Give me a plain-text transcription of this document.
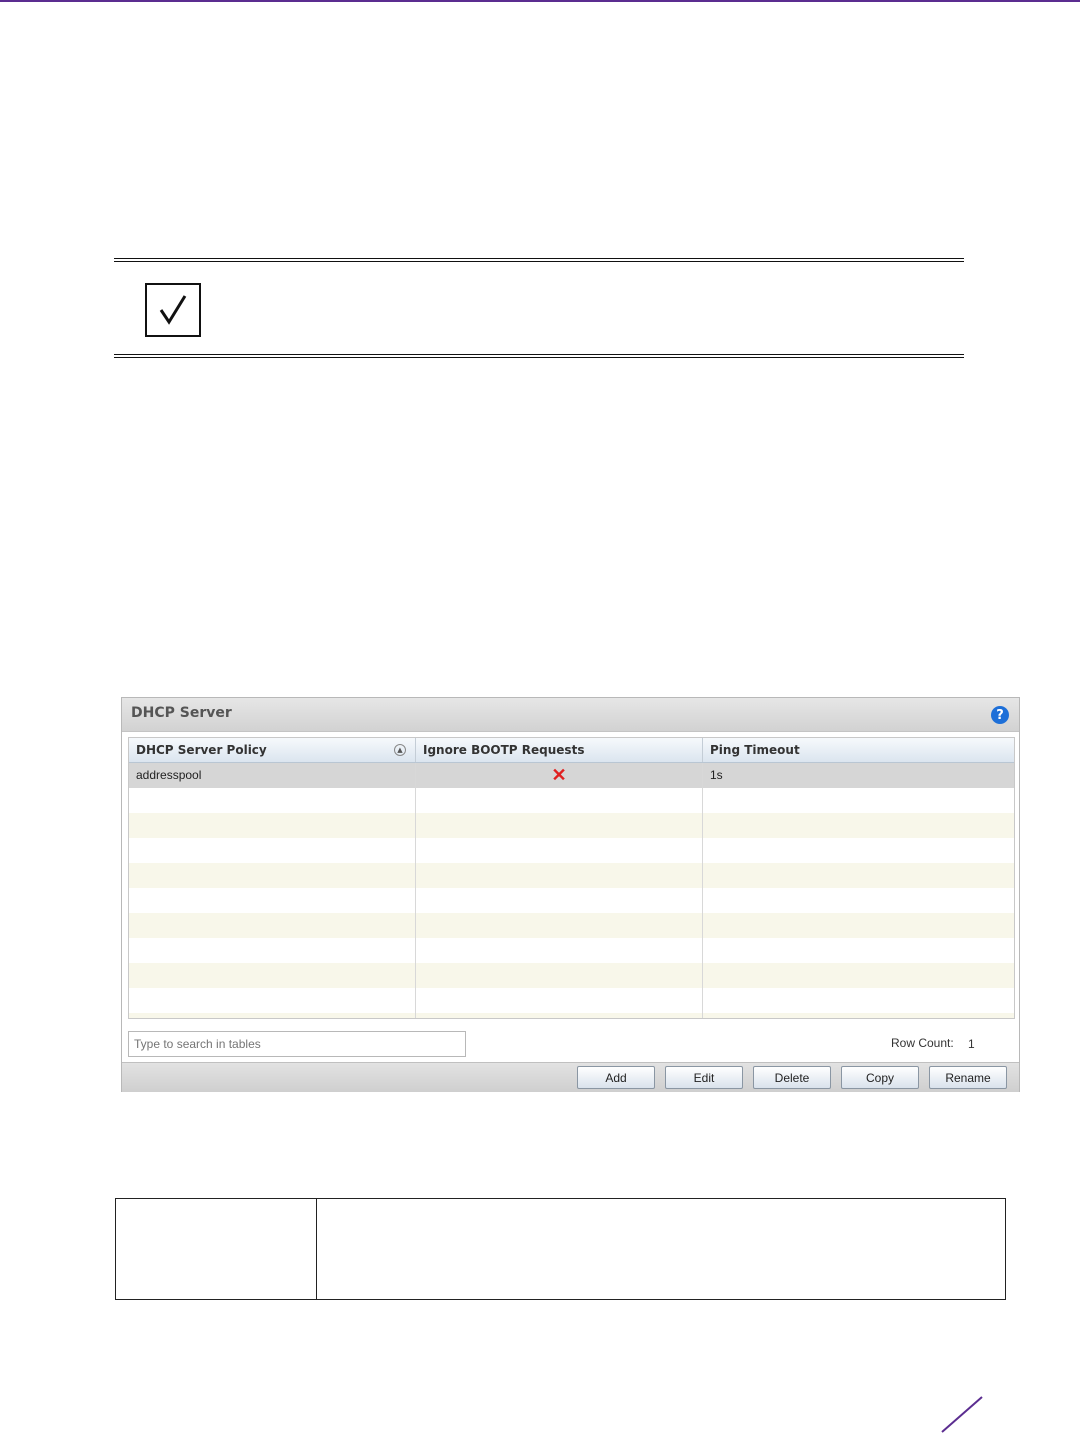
DHCP Server	?
DHCP Server Policy	▲	Ignore BOOTP Requests	Ping Timeout
addresspool	✕	1s
Type to search in tables
Row Count: 1
Add	Edit	Delete	Copy	Rename
